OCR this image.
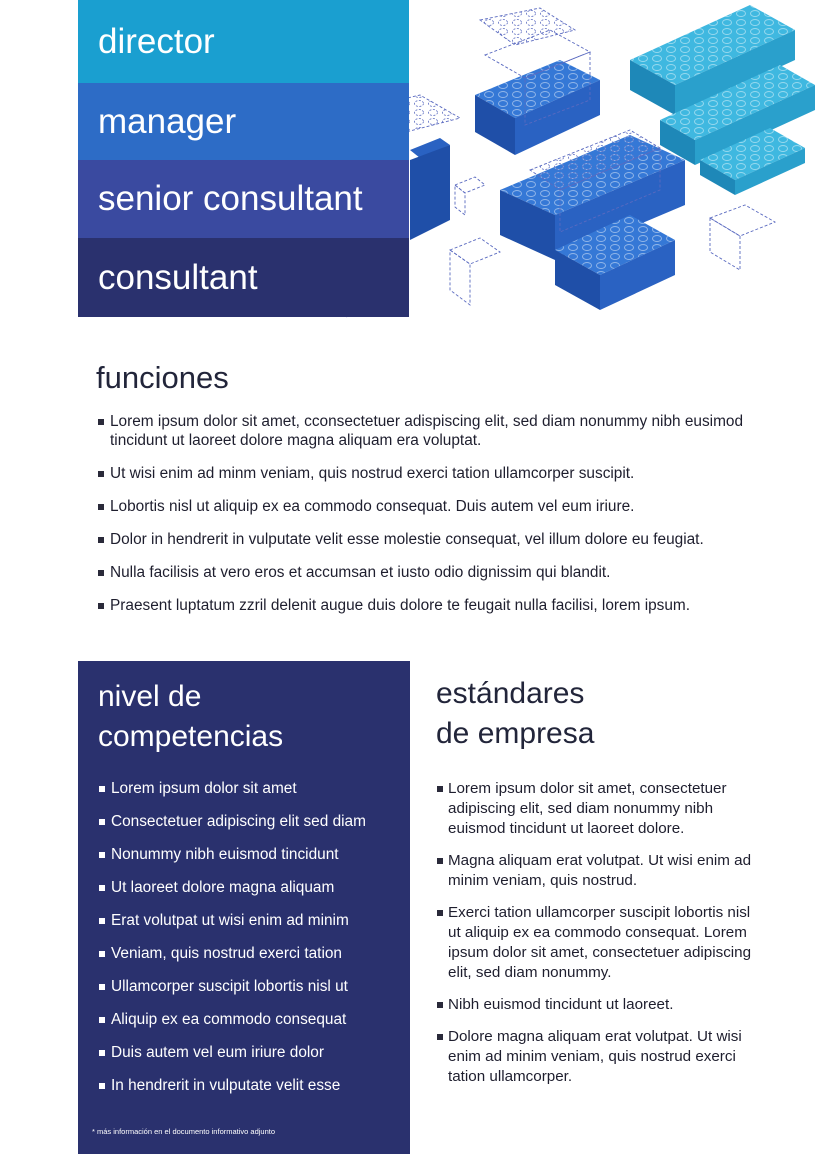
director
manager
senior consultant
consultant
funciones
Lorem ipsum dolor sit amet, cconsectetuer adispiscing elit, sed diam nonummy nibh eusimod tincidunt ut laoreet dolore magna aliquam era voluptat.
Ut wisi enim ad minm veniam, quis nostrud exerci tation ullamcorper suscipit.
Lobortis nisl ut aliquip ex ea commodo consequat. Duis autem vel eum iriure.
Dolor in hendrerit in vulputate velit esse molestie consequat, vel illum dolore eu feugiat.
Nulla facilisis at vero eros et accumsan et iusto odio dignissim qui blandit.
Praesent luptatum zzril delenit augue duis dolore te feugait nulla facilisi, lorem ipsum.
nivel de
competencias
Lorem ipsum dolor sit amet
Consectetuer adipiscing elit sed diam
Nonummy nibh euismod tincidunt
Ut laoreet dolore magna aliquam
Erat volutpat ut wisi enim ad minim
Veniam, quis nostrud exerci tation
Ullamcorper suscipit lobortis nisl ut
Aliquip ex ea commodo consequat
Duis autem vel eum iriure dolor
In hendrerit in vulputate velit esse
* más información en el documento informativo adjunto
estándares
de empresa
Lorem ipsum dolor sit amet, consectetuer adipiscing elit, sed diam nonummy nibh euismod tincidunt ut laoreet dolore.
Magna aliquam erat volutpat. Ut wisi enim ad minim veniam, quis nostrud.
Exerci tation ullamcorper suscipit lobortis nisl ut aliquip ex ea commodo consequat. Lorem ipsum dolor sit amet, consectetuer adipiscing elit, sed diam nonummy.
Nibh euismod tincidunt ut laoreet.
Dolore magna aliquam erat volutpat. Ut wisi enim ad minim veniam, quis nostrud exerci tation ullamcorper.
